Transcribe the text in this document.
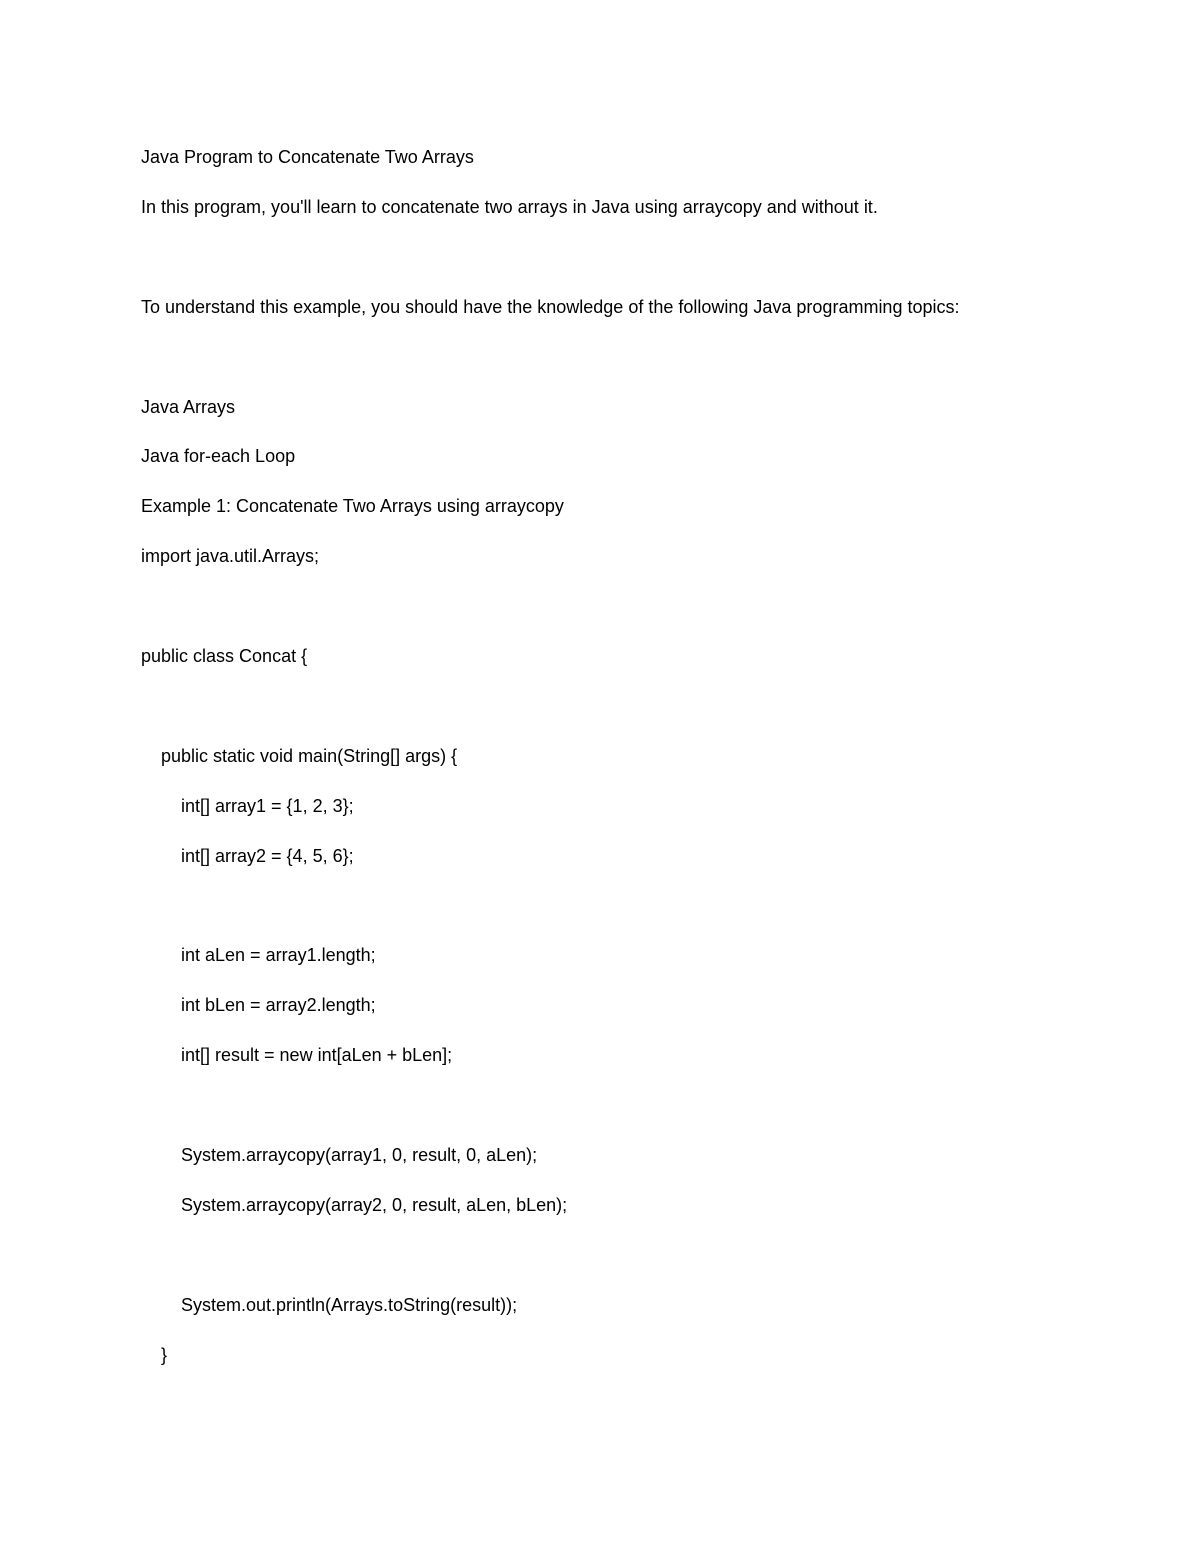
Java Program to Concatenate Two Arrays

In this program, you'll learn to concatenate two arrays in Java using arraycopy and without it.

To understand this example, you should have the knowledge of the following Java programming topics:

Java Arrays

Java for-each Loop

Example 1: Concatenate Two Arrays using arraycopy

import java.util.Arrays;

public class Concat {

public static void main(String[] args) {

int[] array1 = {1, 2, 3};

int[] array2 = {4, 5, 6};

int aLen = array1.length;

int bLen = array2.length;

int[] result = new int[aLen + bLen];

System.arraycopy(array1, 0, result, 0, aLen);

System.arraycopy(array2, 0, result, aLen, bLen);

System.out.println(Arrays.toString(result));

}
